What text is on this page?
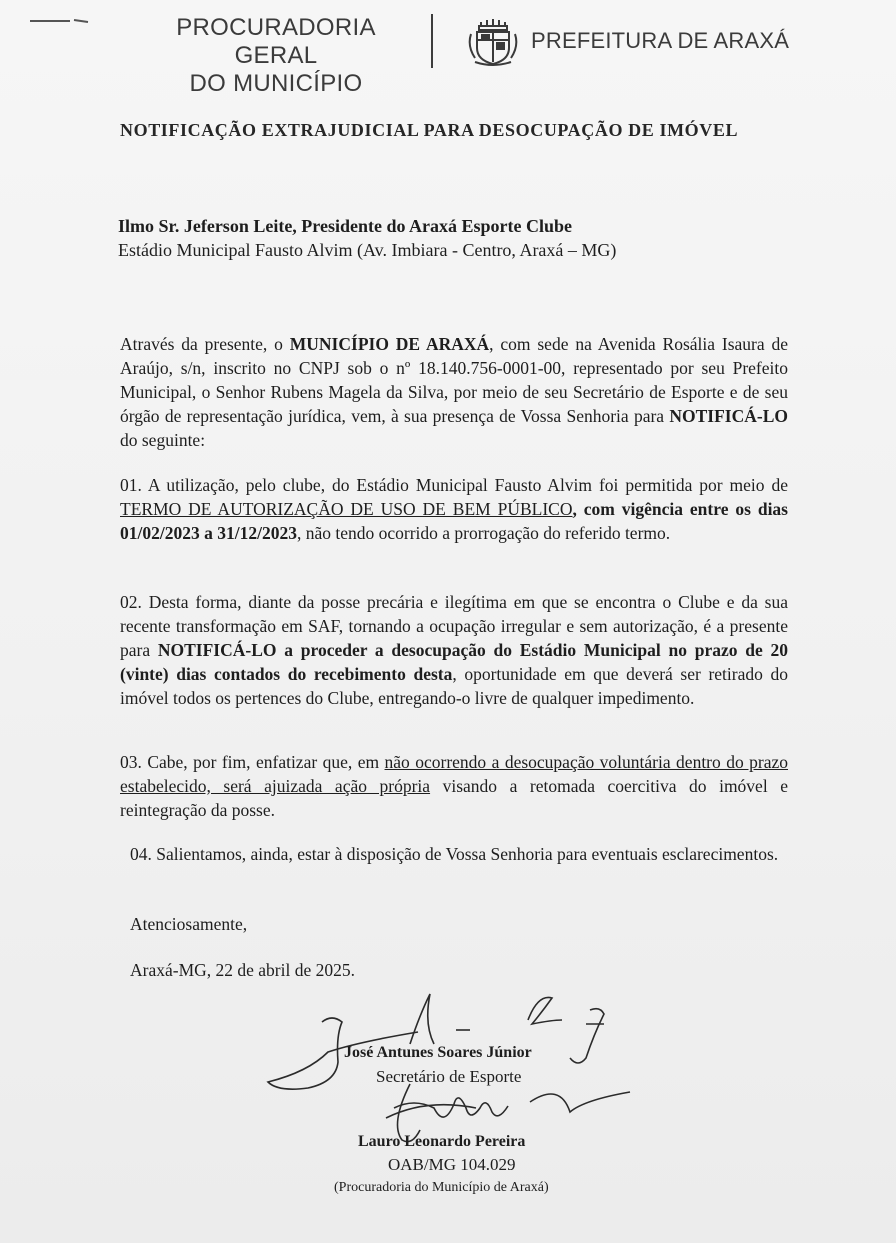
PROCURADORIA GERAL
DO MUNICÍPIO
PREFEITURA DE ARAXÁ
NOTIFICAÇÃO EXTRAJUDICIAL PARA DESOCUPAÇÃO DE IMÓVEL
Ilmo Sr. Jeferson Leite, Presidente do Araxá Esporte Clube
Estádio Municipal Fausto Alvim (Av. Imbiara - Centro, Araxá – MG)
Através da presente, o MUNICÍPIO DE ARAXÁ, com sede na Avenida Rosália Isaura de Araújo, s/n, inscrito no CNPJ sob o nº 18.140.756-0001-00, representado por seu Prefeito Municipal, o Senhor Rubens Magela da Silva, por meio de seu Secretário de Esporte e de seu órgão de representação jurídica, vem, à sua presença de Vossa Senhoria para NOTIFICÁ-LO do seguinte:
01. A utilização, pelo clube, do Estádio Municipal Fausto Alvim foi permitida por meio de TERMO DE AUTORIZAÇÃO DE USO DE BEM PÚBLICO, com vigência entre os dias 01/02/2023 a 31/12/2023, não tendo ocorrido a prorrogação do referido termo.
02. Desta forma, diante da posse precária e ilegítima em que se encontra o Clube e da sua recente transformação em SAF, tornando a ocupação irregular e sem autorização, é a presente para NOTIFICÁ-LO a proceder a desocupação do Estádio Municipal no prazo de 20 (vinte) dias contados do recebimento desta, oportunidade em que deverá ser retirado do imóvel todos os pertences do Clube, entregando-o livre de qualquer impedimento.
03. Cabe, por fim, enfatizar que, em não ocorrendo a desocupação voluntária dentro do prazo estabelecido, será ajuizada ação própria visando a retomada coercitiva do imóvel e reintegração da posse.
04. Salientamos, ainda, estar à disposição de Vossa Senhoria para eventuais esclarecimentos.
Atenciosamente,
Araxá-MG, 22 de abril de 2025.
José Antunes Soares Júnior
Secretário de Esporte
Lauro Leonardo Pereira
OAB/MG 104.029
(Procuradoria do Município de Araxá)
